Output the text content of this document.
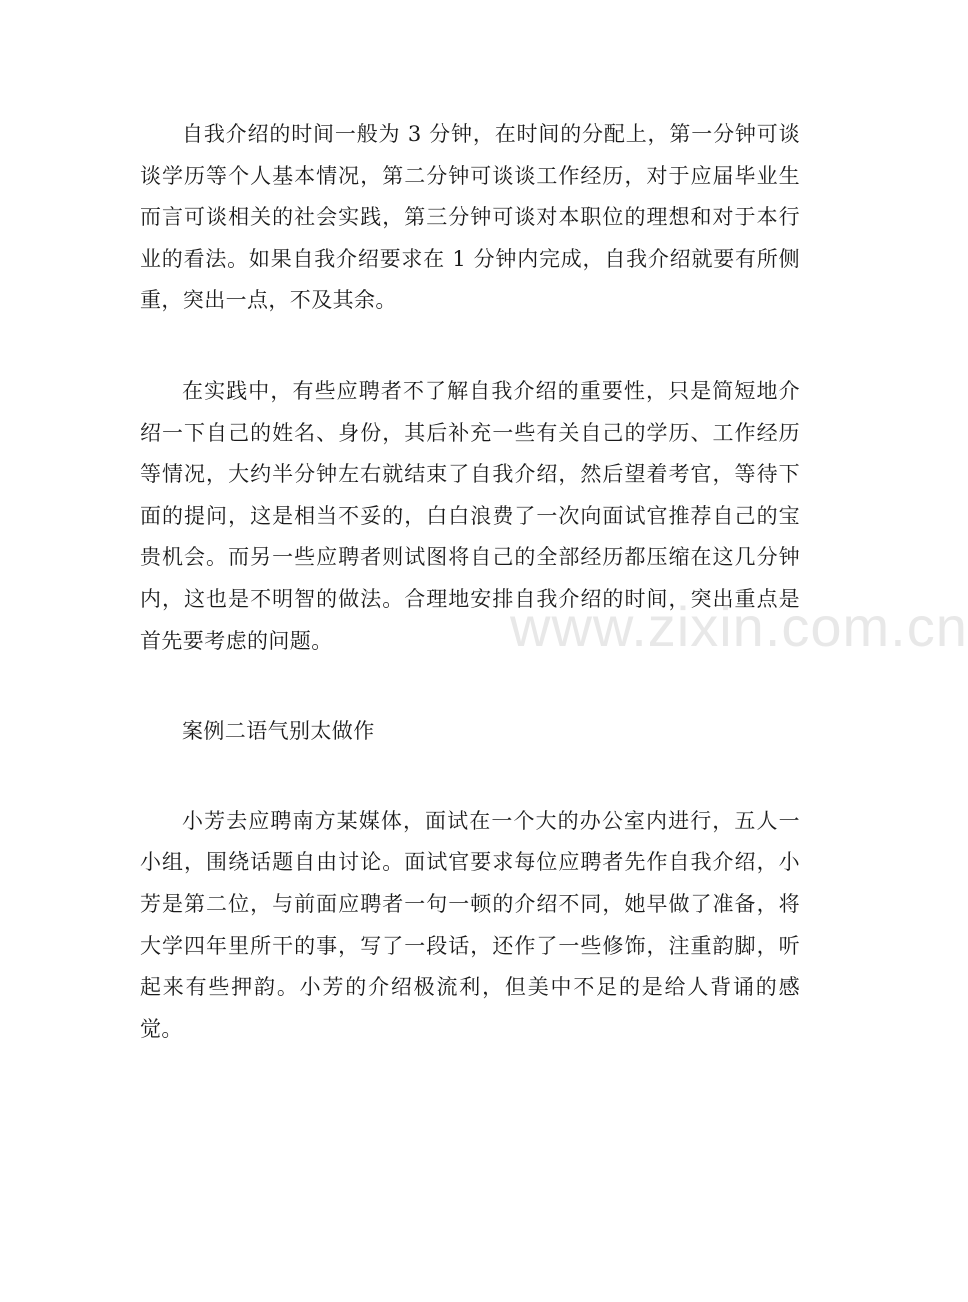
自我介绍的时间一般为 3 分钟，在时间的分配上，第一分钟可谈谈学历等个人基本情况，第二分钟可谈谈工作经历，对于应届毕业生而言可谈相关的社会实践，第三分钟可谈对本职位的理想和对于本行业的看法。如果自我介绍要求在 1 分钟内完成，自我介绍就要有所侧重，突出一点，不及其余。

在实践中，有些应聘者不了解自我介绍的重要性，只是简短地介绍一下自己的姓名、身份，其后补充一些有关自己的学历、工作经历等情况，大约半分钟左右就结束了自我介绍，然后望着考官，等待下面的提问，这是相当不妥的，白白浪费了一次向面试官推荐自己的宝贵机会。而另一些应聘者则试图将自己的全部经历都压缩在这几分钟内，这也是不明智的做法。合理地安排自我介绍的时间，突出重点是首先要考虑的问题。

案例二语气别太做作

小芳去应聘南方某媒体，面试在一个大的办公室内进行，五人一小组，围绕话题自由讨论。面试官要求每位应聘者先作自我介绍，小芳是第二位，与前面应聘者一句一顿的介绍不同，她早做了准备，将大学四年里所干的事，写了一段话，还作了一些修饰，注重韵脚，听起来有些押韵。小芳的介绍极流利，但美中不足的是给人背诵的感觉。

www.zixin.com.cn
